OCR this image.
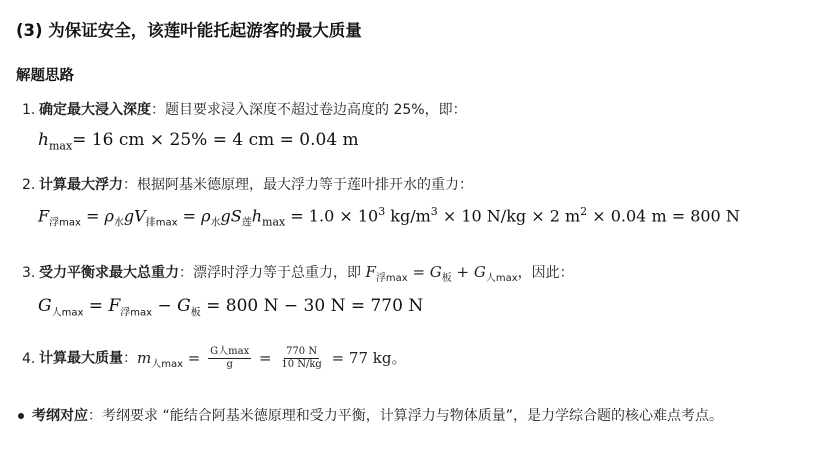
(3) 为保证安全，该莲叶能托起游客的最大质量
解题思路
1. 确定最大浸入深度：题目要求浸入深度不超过卷边高度的 25%，即：
$h_{max}= 16$ cm × 25% = 4 cm = 0.04 m
2. 计算最大浮力：根据阿基米德原理，最大浮力等于莲叶排开水的重力：
$F_{浮max} = \rho_水gV_{排max} = \rho_水gS_莲h_{max} = 1.0 \times 10^3$ $kg/m^3 \times 10$ N/kg × 2 $m^2 \times 0.04$ m = 800 N
3. 受力平衡求最大总重力：漂浮时浮力等于总重力，即 $F_{浮max} = G_板 + G_{人max}$，因此：
$G_{人max} = F_{浮max} - G_板 = 800$ N − 30 N = 770 N
4. 计算最大质量：$m_{人max} = \frac{\text{G人max}}{g} = \frac{770 N}{10 N/kg} = 77$ kg。
考纲对应：考纲要求 “能结合阿基米德原理和受力平衡，计算浮力与物体质量”，是力学综合题的核心难点考点。
